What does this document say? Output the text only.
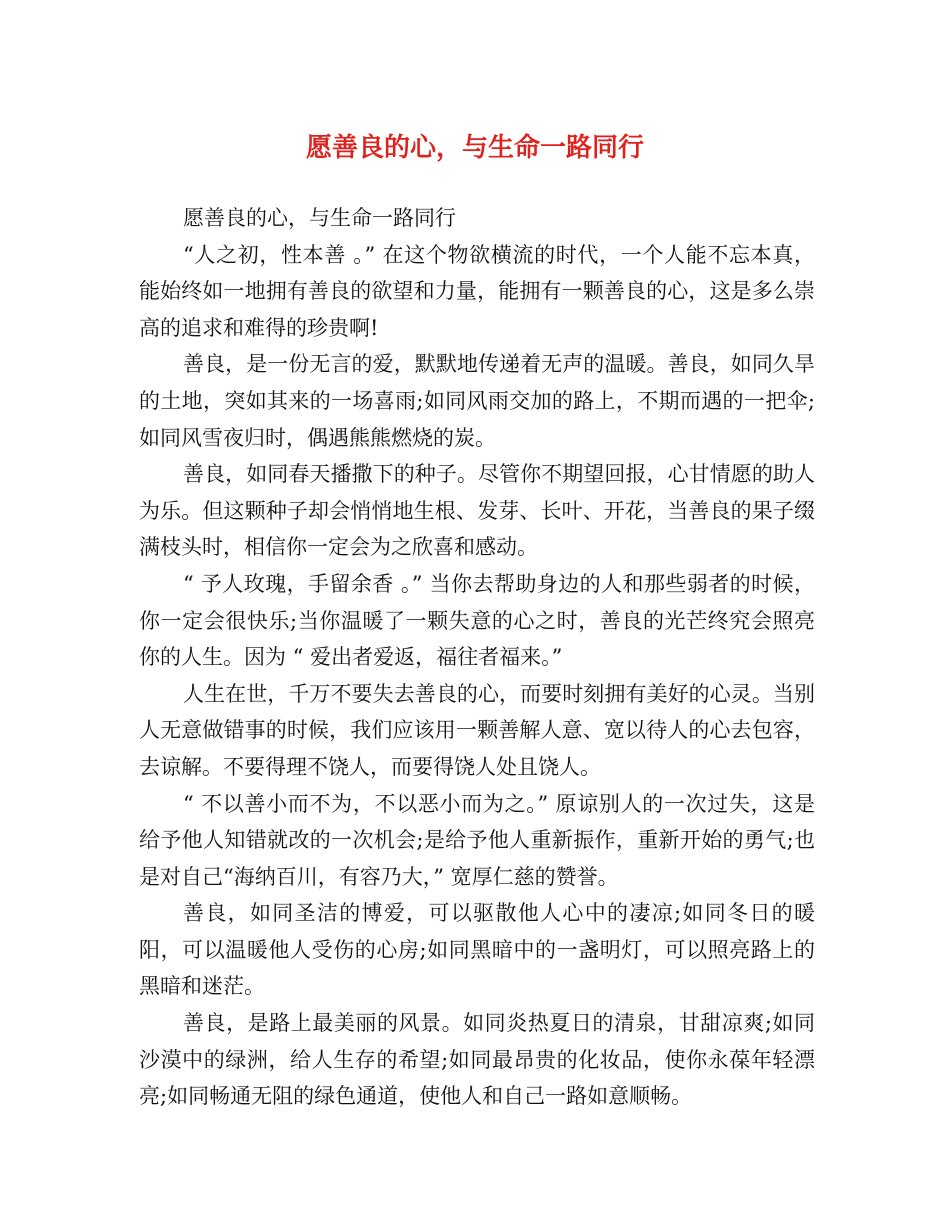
愿善良的心，与生命一路同行

愿善良的心，与生命一路同行

“人之初，性本善 。” 在这个物欲横流的时代，一个人能不忘本真，能始终如一地拥有善良的欲望和力量，能拥有一颗善良的心，这是多么崇高的追求和难得的珍贵啊!

善良，是一份无言的爱，默默地传递着无声的温暖。善良，如同久旱的土地，突如其来的一场喜雨;如同风雨交加的路上，不期而遇的一把伞;如同风雪夜归时，偶遇熊熊燃烧的炭。

善良，如同春天播撒下的种子。尽管你不期望回报，心甘情愿的助人为乐。但这颗种子却会悄悄地生根、发芽、长叶、开花，当善良的果子缀满枝头时，相信你一定会为之欣喜和感动。

“ 予人玫瑰，手留余香 。” 当你去帮助身边的人和那些弱者的时候，你一定会很快乐;当你温暖了一颗失意的心之时，善良的光芒终究会照亮你的人生。因为 “ 爱出者爱返，福往者福来。”

人生在世，千万不要失去善良的心，而要时刻拥有美好的心灵。当别人无意做错事的时候，我们应该用一颗善解人意、宽以待人的心去包容，去谅解。不要得理不饶人，而要得饶人处且饶人。

“ 不以善小而不为，不以恶小而为之。” 原谅别人的一次过失，这是给予他人知错就改的一次机会;是给予他人重新振作，重新开始的勇气;也是对自己“海纳百川，有容乃大，” 宽厚仁慈的赞誉。

善良，如同圣洁的博爱，可以驱散他人心中的凄凉;如同冬日的暖阳，可以温暖他人受伤的心房;如同黑暗中的一盏明灯，可以照亮路上的黑暗和迷茫。

善良，是路上最美丽的风景。如同炎热夏日的清泉，甘甜凉爽;如同沙漠中的绿洲，给人生存的希望;如同最昂贵的化妆品，使你永葆年轻漂亮;如同畅通无阻的绿色通道，使他人和自己一路如意顺畅。
